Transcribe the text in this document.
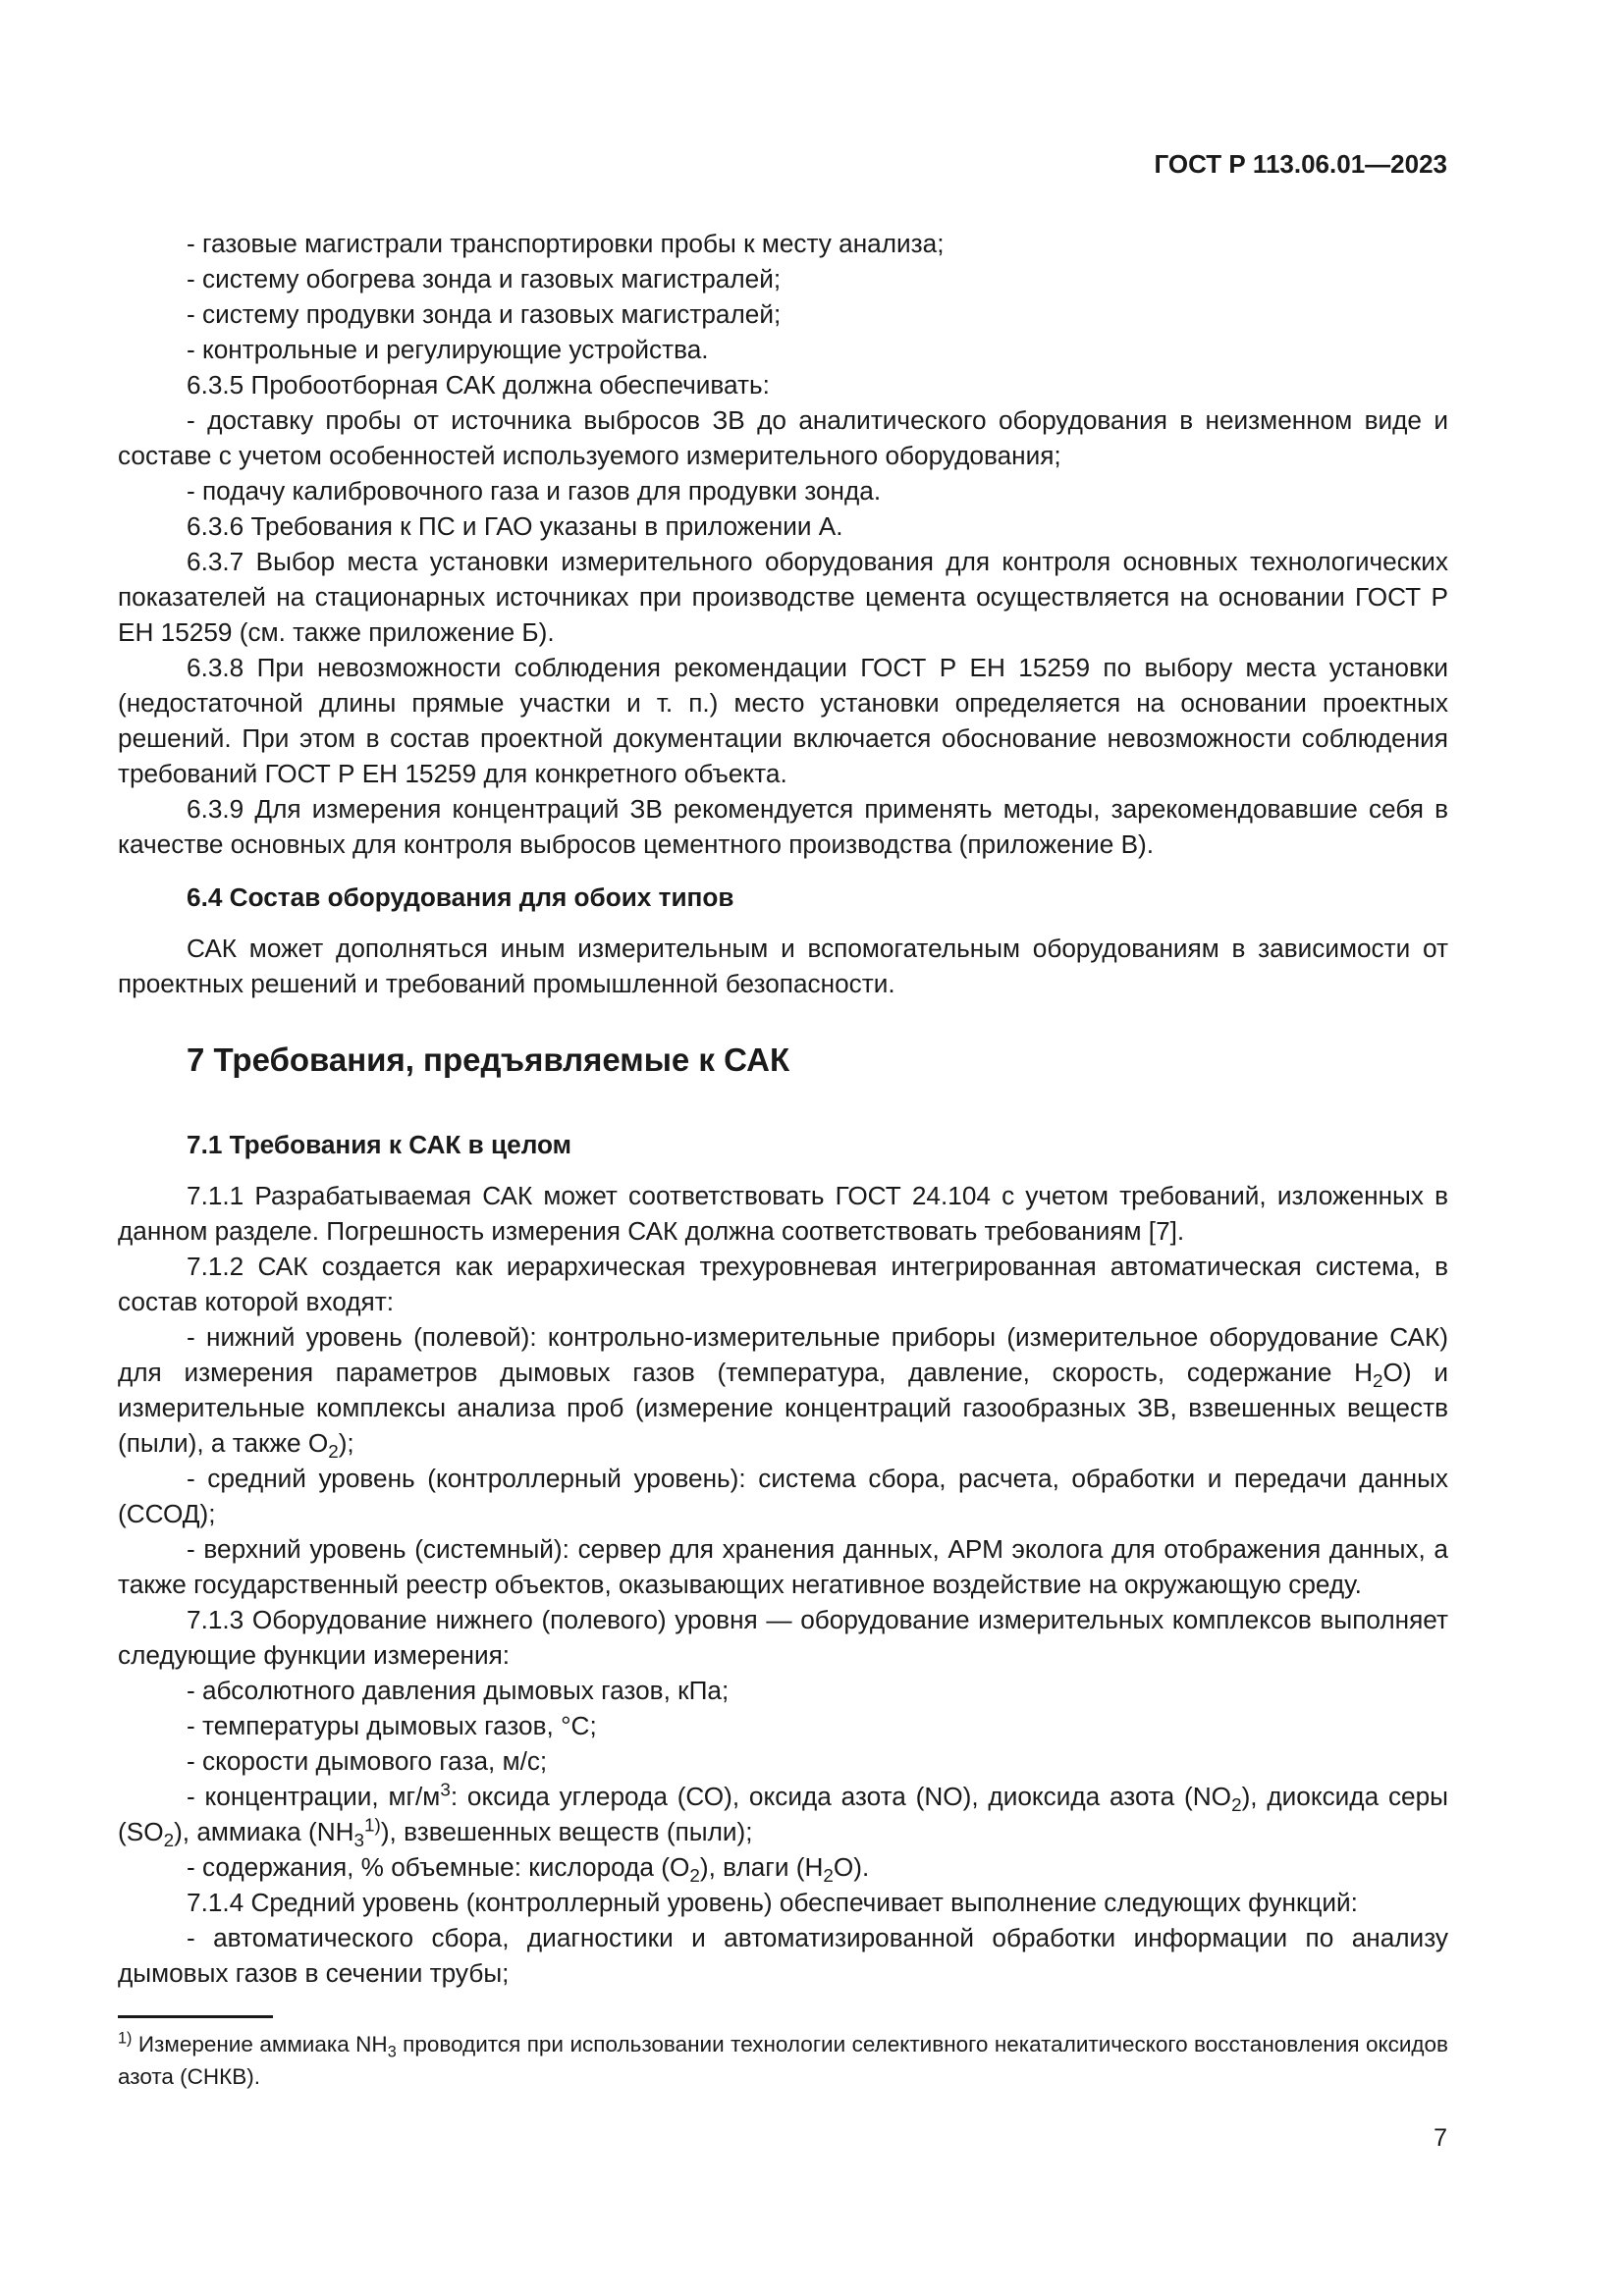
ГОСТ Р 113.06.01—2023

- газовые магистрали транспортировки пробы к месту анализа;

- систему обогрева зонда и газовых магистралей;

- систему продувки зонда и газовых магистралей;

- контрольные и регулирующие устройства.

6.3.5 Пробоотборная САК должна обеспечивать:

- доставку пробы от источника выбросов ЗВ до аналитического оборудования в неизменном виде и составе с учетом особенностей используемого измерительного оборудования;

- подачу калибровочного газа и газов для продувки зонда.

6.3.6 Требования к ПС и ГАО указаны в приложении А.

6.3.7 Выбор места установки измерительного оборудования для контроля основных технологических показателей на стационарных источниках при производстве цемента осуществляется на основании ГОСТ Р ЕН 15259 (см. также приложение Б).

6.3.8 При невозможности соблюдения рекомендации ГОСТ Р ЕН 15259 по выбору места установки (недостаточной длины прямые участки и т. п.) место установки определяется на основании проектных решений. При этом в состав проектной документации включается обоснование невозможности соблюдения требований ГОСТ Р ЕН 15259 для конкретного объекта.

6.3.9 Для измерения концентраций ЗВ рекомендуется применять методы, зарекомендовавшие себя в качестве основных для контроля выбросов цементного производства (приложение В).

6.4 Состав оборудования для обоих типов

САК может дополняться иным измерительным и вспомогательным оборудованиям в зависимости от проектных решений и требований промышленной безопасности.

7 Требования, предъявляемые к САК

7.1 Требования к САК в целом

7.1.1 Разрабатываемая САК может соответствовать ГОСТ 24.104 с учетом требований, изложенных в данном разделе. Погрешность измерения САК должна соответствовать требованиям [7].

7.1.2 САК создается как иерархическая трехуровневая интегрированная автоматическая система, в состав которой входят:

- нижний уровень (полевой): контрольно-измерительные приборы (измерительное оборудование САК) для измерения параметров дымовых газов (температура, давление, скорость, содержание $Н_2О$) и измерительные комплексы анализа проб (измерение концентраций газообразных ЗВ, взвешенных веществ (пыли), а также $О_2$);

- средний уровень (контроллерный уровень): система сбора, расчета, обработки и передачи данных (ССОД);

- верхний уровень (системный): сервер для хранения данных, АРМ эколога для отображения данных, а также государственный реестр объектов, оказывающих негативное воздействие на окружающую среду.

7.1.3 Оборудование нижнего (полевого) уровня — оборудование измерительных комплексов выполняет следующие функции измерения:

- абсолютного давления дымовых газов, кПа;

- температуры дымовых газов, °С;

- скорости дымового газа, м/с;

- концентрации, $мг/м^3$: оксида углерода (СО), оксида азота (NO), диоксида азота $(NO_2)$, диоксида серы $(SO_2)$, аммиака $(NH_3^{1)})$, взвешенных веществ (пыли);

- содержания, % объемные: кислорода $(О_2)$, влаги $(Н_2О)$.

7.1.4 Средний уровень (контроллерный уровень) обеспечивает выполнение следующих функций:

- автоматического сбора, диагностики и автоматизированной обработки информации по анализу дымовых газов в сечении трубы;

$^{1)}$ Измерение аммиака $NH_3$ проводится при использовании технологии селективного некаталитического восстановления оксидов азота (СНКВ).

7
